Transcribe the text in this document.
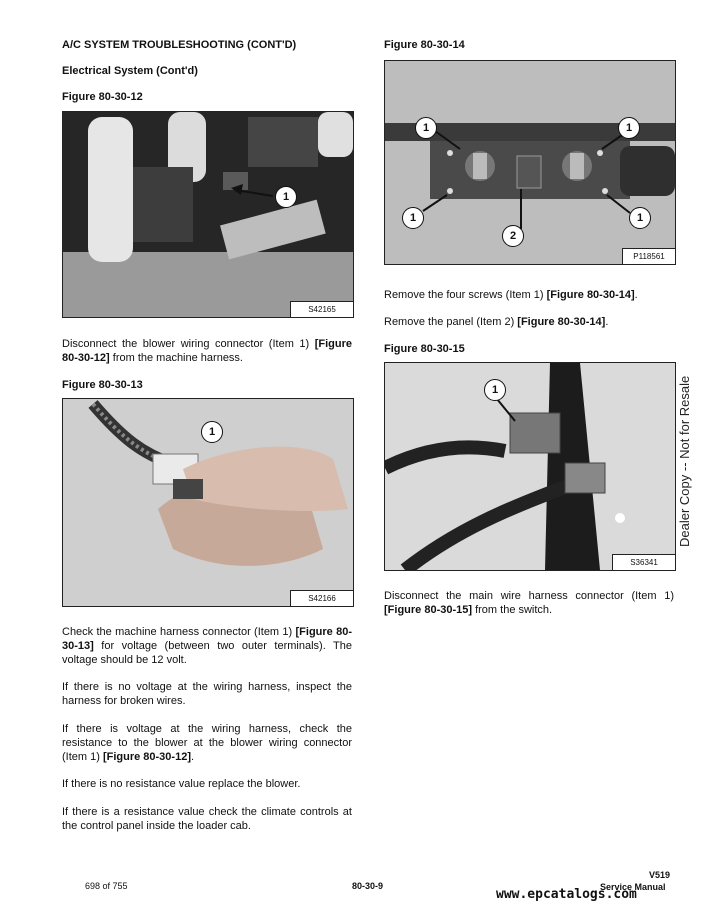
A/C SYSTEM TROUBLESHOOTING (CONT'D)
Electrical System (Cont'd)
Figure 80-30-12
1
S42165
Disconnect the blower wiring connector (Item 1) [Figure 80-30-12] from the machine harness.
Figure 80-30-13
1
S42166
Check the machine harness connector (Item 1) [Figure 80-30-13] for voltage (between two outer terminals). The voltage should be 12 volt.
If there is no voltage at the wiring harness, inspect the harness for broken wires.
If there is voltage at the wiring harness, check the resistance to the blower at the blower wiring connector (Item 1) [Figure 80-30-12].
If there is no resistance value replace the blower.
If there is a resistance value check the climate controls at the control panel inside the loader cab.
Figure 80-30-14
1	1
1	1
2
P118561
Remove the four screws (Item 1) [Figure 80-30-14].
Remove the panel (Item 2) [Figure 80-30-14].
Figure 80-30-15
1
S36341
Disconnect the main wire harness connector (Item 1) [Figure 80-30-15] from the switch.
Dealer Copy -- Not for Resale
698 of 755	80-30-9
V519
Service Manual
www.epcatalogs.com
